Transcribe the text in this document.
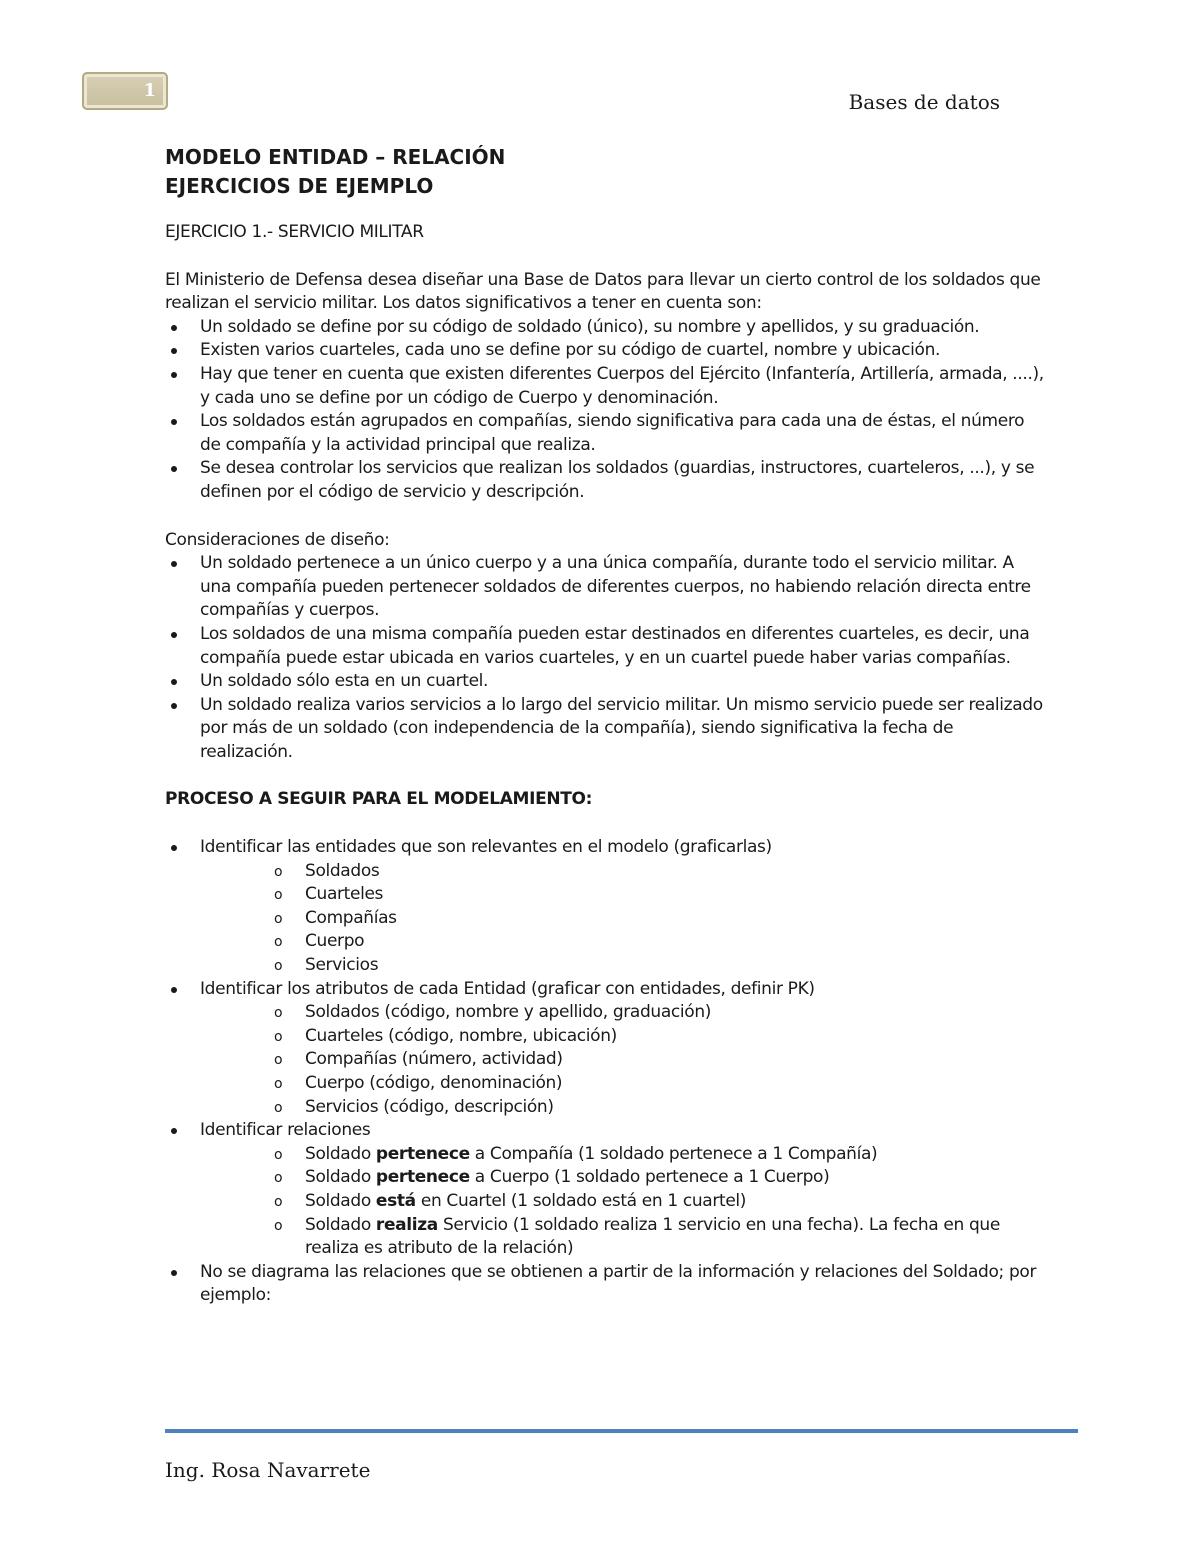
1	Bases de datos
MODELO ENTIDAD – RELACIÓN
EJERCICIOS DE EJEMPLO
EJERCICIO 1.- SERVICIO MILITAR

El Ministerio de Defensa desea diseñar una Base de Datos para llevar un cierto control de los soldados que realizan el servicio militar. Los datos significativos a tener en cuenta son:

Un soldado se define por su código de soldado (único), su nombre y apellidos, y su graduación.
Existen varios cuarteles, cada uno se define por su código de cuartel, nombre y ubicación.
Hay que tener en cuenta que existen diferentes Cuerpos del Ejército (Infantería, Artillería, armada, ....), y cada uno se define por un código de Cuerpo y denominación.
Los soldados están agrupados en compañías, siendo significativa para cada una de éstas, el número de compañía y la actividad principal que realiza.
Se desea controlar los servicios que realizan los soldados (guardias, instructores, cuarteleros, ...), y se definen por el código de servicio y descripción.

Consideraciones de diseño:

Un soldado pertenece a un único cuerpo y a una única compañía, durante todo el servicio militar. A una compañía pueden pertenecer soldados de diferentes cuerpos, no habiendo relación directa entre compañías y cuerpos.
Los soldados de una misma compañía pueden estar destinados en diferentes cuarteles, es decir, una compañía puede estar ubicada en varios cuarteles, y en un cuartel puede haber varias compañías.
Un soldado sólo esta en un cuartel.
Un soldado realiza varios servicios a lo largo del servicio militar. Un mismo servicio puede ser realizado por más de un soldado (con independencia de la compañía), siendo significativa la fecha de realización.
PROCESO A SEGUIR PARA EL MODELAMIENTO:
Identificar las entidades que son relevantes en el modelo (graficarlas)
o Soldados
o Cuarteles
o Compañías
o Cuerpo
o Servicios
Identificar los atributos de cada Entidad (graficar con entidades, definir PK)
o Soldados (código, nombre y apellido, graduación)
o Cuarteles (código, nombre, ubicación)
o Compañías (número, actividad)
o Cuerpo (código, denominación)
o Servicios (código, descripción)
Identificar relaciones
o Soldado pertenece a Compañía (1 soldado pertenece a 1 Compañía)
o Soldado pertenece a Cuerpo (1 soldado pertenece a 1 Cuerpo)
o Soldado está en Cuartel (1 soldado está en 1 cuartel)
o Soldado realiza Servicio (1 soldado realiza 1 servicio en una fecha). La fecha en que realiza es atributo de la relación)
No se diagrama las relaciones que se obtienen a partir de la información y relaciones del Soldado; por ejemplo:
Ing. Rosa Navarrete
